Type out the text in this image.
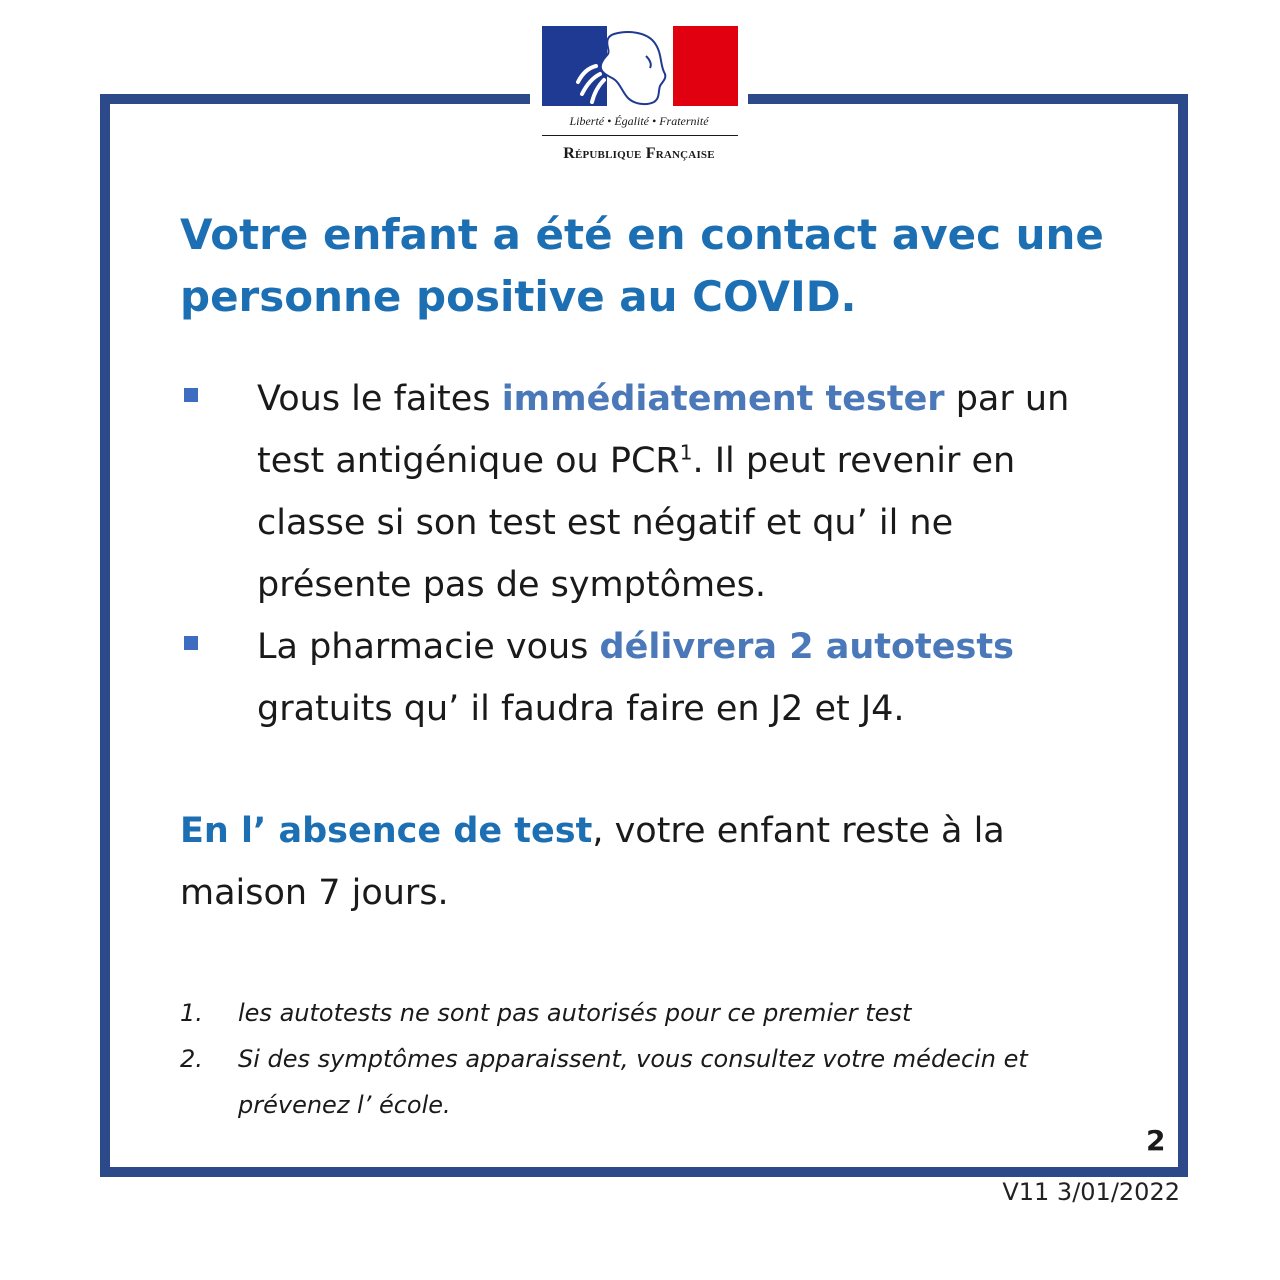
Liberté • Égalité • Fraternité
République Française
Votre enfant a été en contact avec une personne positive au COVID.
Vous le faites immédiatement tester par un test antigénique ou PCR$^1$. Il peut revenir en classe si son test est négatif et qu’ il ne présente pas de symptômes.
La pharmacie vous délivrera 2 autotests gratuits qu’ il faudra faire en J2 et J4.

En l’ absence de test, votre enfant reste à la maison 7 jours.

1. les autotests ne sont pas autorisés pour ce premier test
2. Si des symptômes apparaissent, vous consultez votre médecin et prévenez l’ école.
2
V11 3/01/2022
